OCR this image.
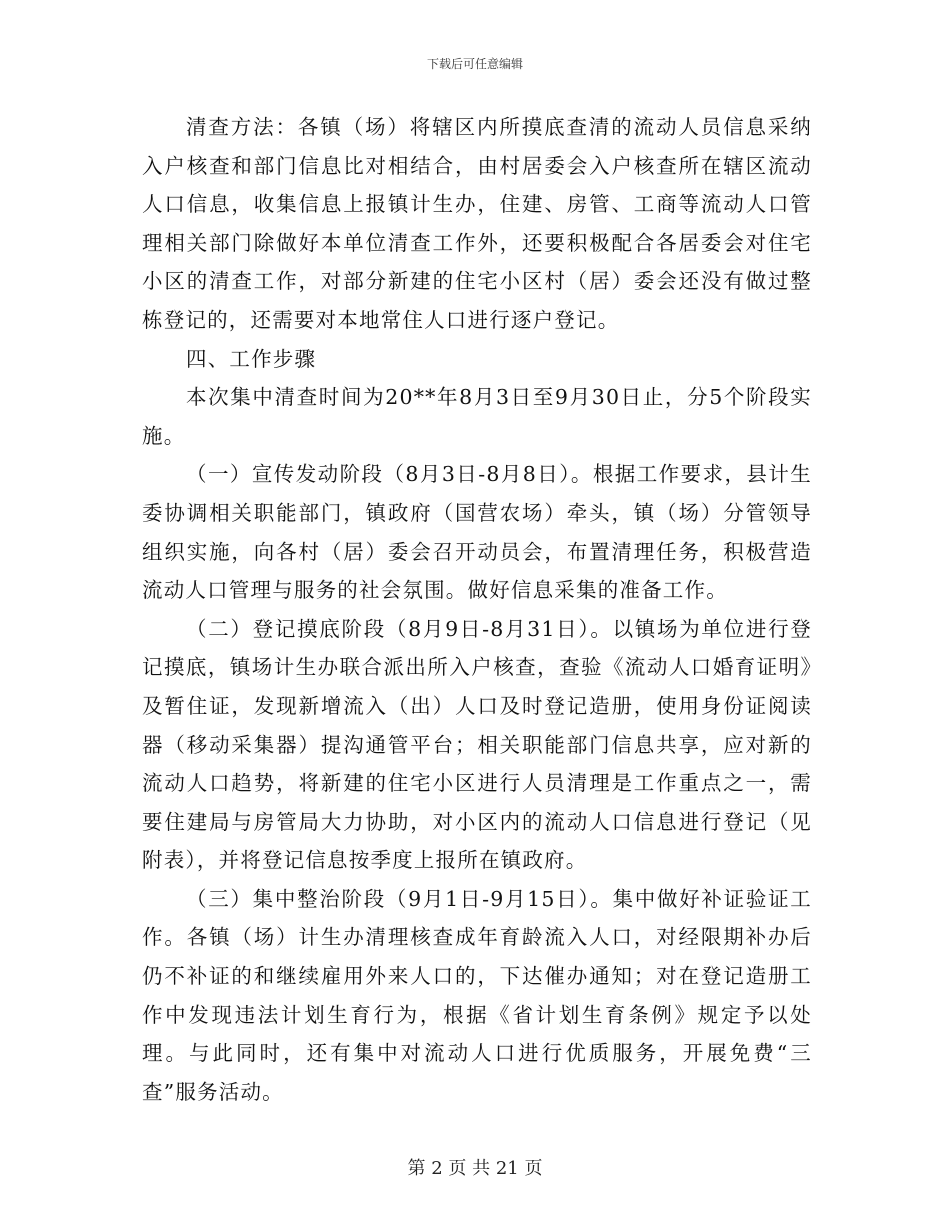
下载后可任意编辑

清查方法：各镇（场）将辖区内所摸底查清的流动人员信息采纳入户核查和部门信息比对相结合，由村居委会入户核查所在辖区流动人口信息，收集信息上报镇计生办，住建、房管、工商等流动人口管理相关部门除做好本单位清查工作外，还要积极配合各居委会对住宅小区的清查工作，对部分新建的住宅小区村（居）委会还没有做过整栋登记的，还需要对本地常住人口进行逐户登记。

四、工作步骤

本次集中清查时间为20**年8月3日至9月30日止，分5个阶段实施。

（一）宣传发动阶段（8月3日-8月8日）。根据工作要求，县计生委协调相关职能部门，镇政府（国营农场）牵头，镇（场）分管领导组织实施，向各村（居）委会召开动员会，布置清理任务，积极营造流动人口管理与服务的社会氛围。做好信息采集的准备工作。

（二）登记摸底阶段（8月9日-8月31日）。以镇场为单位进行登记摸底，镇场计生办联合派出所入户核查，查验《流动人口婚育证明》及暂住证，发现新增流入（出）人口及时登记造册，使用身份证阅读器（移动采集器）提沟通管平台；相关职能部门信息共享，应对新的流动人口趋势，将新建的住宅小区进行人员清理是工作重点之一，需要住建局与房管局大力协助，对小区内的流动人口信息进行登记（见附表），并将登记信息按季度上报所在镇政府。

（三）集中整治阶段（9月1日-9月15日）。集中做好补证验证工作。各镇（场）计生办清理核查成年育龄流入人口，对经限期补办后仍不补证的和继续雇用外来人口的，下达催办通知；对在登记造册工作中发现违法计划生育行为，根据《省计划生育条例》规定予以处理。与此同时，还有集中对流动人口进行优质服务，开展免费“三查”服务活动。

第 2 页 共 21 页
